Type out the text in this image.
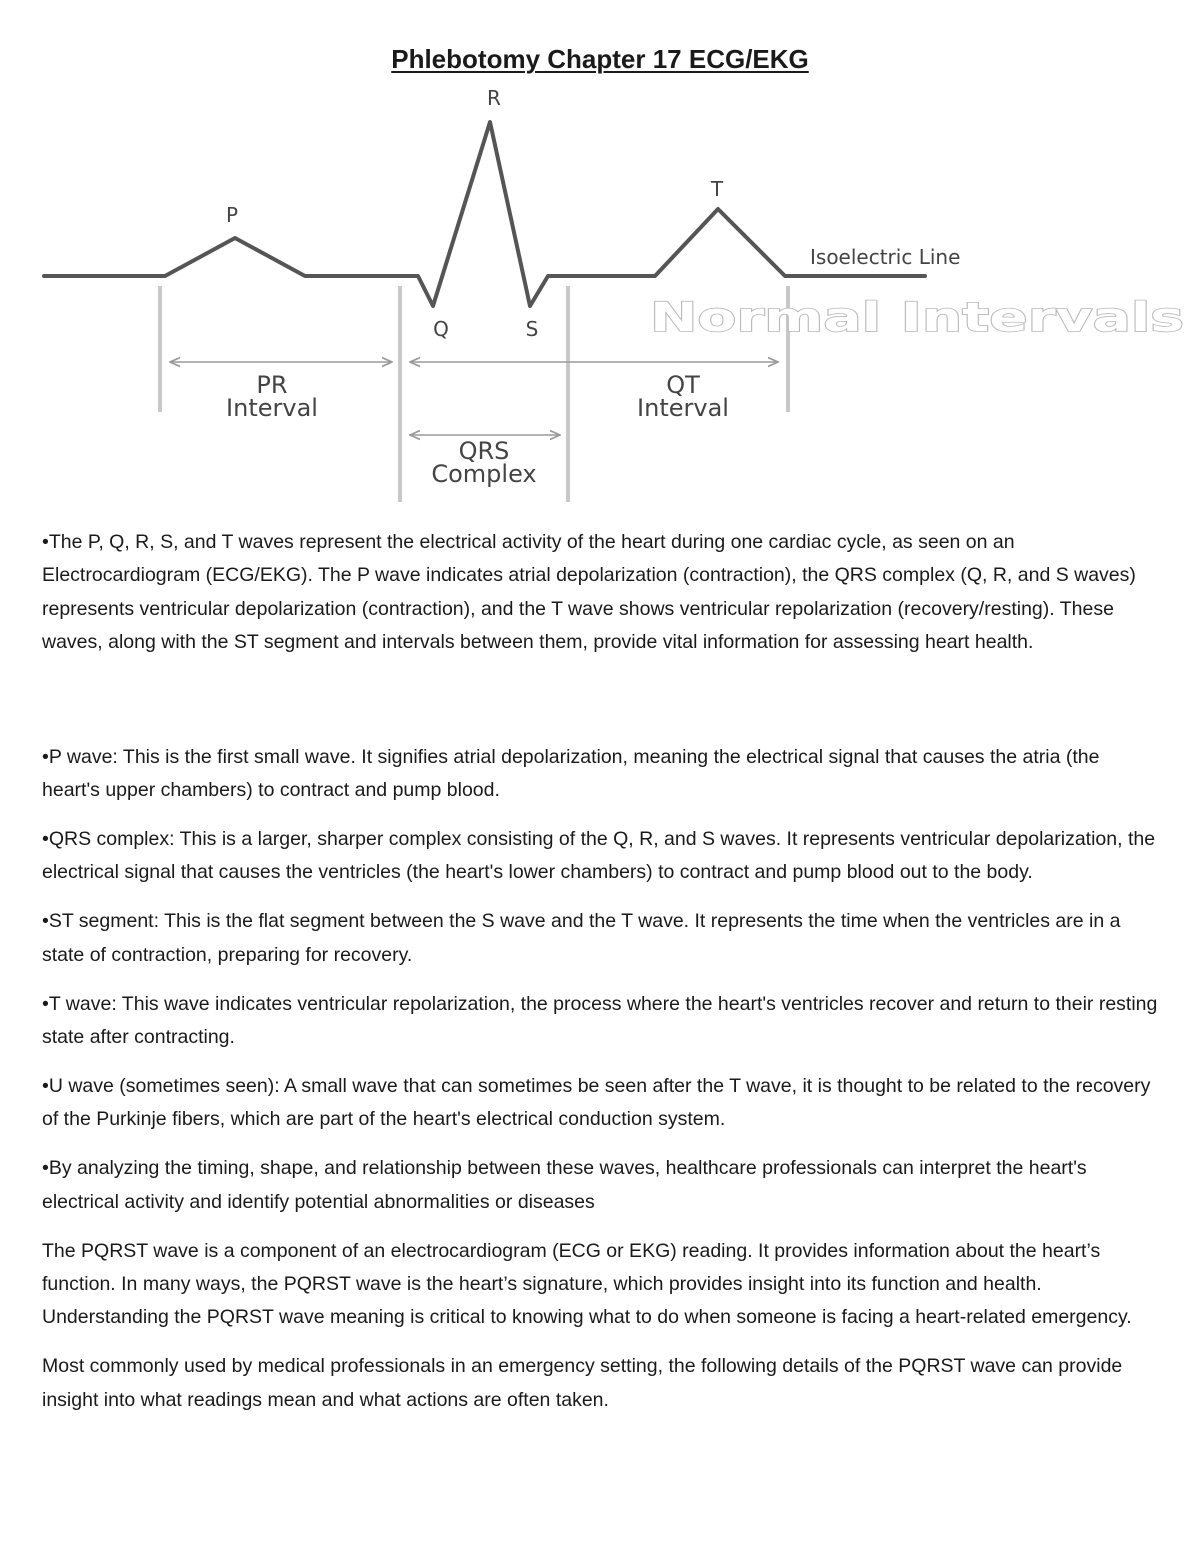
Phlebotomy Chapter 17 ECG/EKG
R
P
T
Q	S
Isoelectric Line
Normal Intervals
PR
Interval
QT
Interval
QRS
Complex

•The P, Q, R, S, and T waves represent the electrical activity of the heart during one cardiac cycle, as seen on an Electrocardiogram (ECG/EKG). The P wave indicates atrial depolarization (contraction), the QRS complex (Q, R, and S waves) represents ventricular depolarization (contraction), and the T wave shows ventricular repolarization (recovery/resting). These waves, along with the ST segment and intervals between them, provide vital information for assessing heart health.

•P wave: This is the first small wave. It signifies atrial depolarization, meaning the electrical signal that causes the atria (the heart's upper chambers) to contract and pump blood.

•QRS complex: This is a larger, sharper complex consisting of the Q, R, and S waves. It represents ventricular depolarization, the electrical signal that causes the ventricles (the heart's lower chambers) to contract and pump blood out to the body.

•ST segment: This is the flat segment between the S wave and the T wave. It represents the time when the ventricles are in a state of contraction, preparing for recovery.

•T wave: This wave indicates ventricular repolarization, the process where the heart's ventricles recover and return to their resting state after contracting.

•U wave (sometimes seen): A small wave that can sometimes be seen after the T wave, it is thought to be related to the recovery of the Purkinje fibers, which are part of the heart's electrical conduction system.

•By analyzing the timing, shape, and relationship between these waves, healthcare professionals can interpret the heart's electrical activity and identify potential abnormalities or diseases

The PQRST wave is a component of an electrocardiogram (ECG or EKG) reading. It provides information about the heart’s function. In many ways, the PQRST wave is the heart’s signature, which provides insight into its function and health. Understanding the PQRST wave meaning is critical to knowing what to do when someone is facing a heart-related emergency.

Most commonly used by medical professionals in an emergency setting, the following details of the PQRST wave can provide insight into what readings mean and what actions are often taken.
